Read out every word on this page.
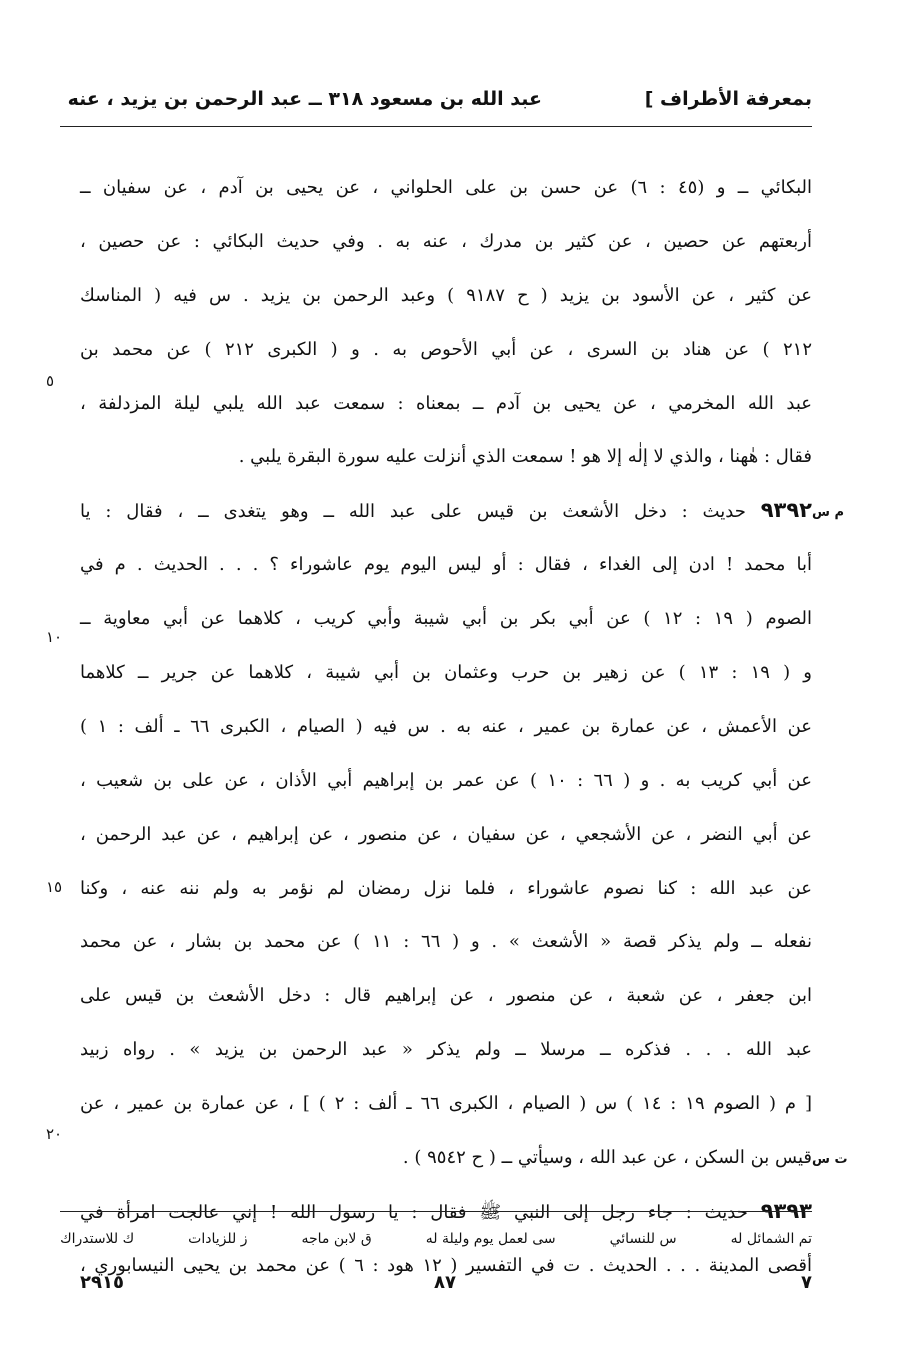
بمعرفة الأطراف ]
عبد الله بن مسعود ٣١٨ ــ عبد الرحمن بن يزيد ، عنه
البكائي ــ و (٤٥ : ٦) عن حسن بن على الحلواني ، عن يحيى بن آدم ، عن سفيان ــ
أربعتهم عن حصين ، عن كثير بن مدرك ، عنه به . وفي حديث البكائي : عن حصين ،
عن كثير ، عن الأسود بن يزيد ( ح ٩١٨٧ ) وعبد الرحمن بن يزيد . س فيه ( المناسك
٢١٢ ) عن هناد بن السرى ، عن أبي الأحوص به . و ( الكبرى ٢١٢ ) عن محمد بن
عبد الله المخرمي ، عن يحيى بن آدم ــ بمعناه : سمعت عبد الله يلبي ليلة المزدلفة ،
فقال : هٰهنا ، والذي لا إلٰه إلا هو ! سمعت الذي أنزلت عليه سورة البقرة يلبي .
٩٣٩٢ حديث : دخل الأشعث بن قيس على عبد الله ــ وهو يتغدى ــ ، فقال : يا
أبا محمد ! ادن إلى الغداء ، فقال : أو ليس اليوم يوم عاشوراء ؟ . . . الحديث . م في
الصوم ( ١٩ : ١٢ ) عن أبي بكر بن أبي شيبة وأبي كريب ، كلاهما عن أبي معاوية ــ
و ( ١٩ : ١٣ ) عن زهير بن حرب وعثمان بن أبي شيبة ، كلاهما عن جرير ــ كلاهما
عن الأعمش ، عن عمارة بن عمير ، عنه به . س فيه ( الصيام ، الكبرى ٦٦ ـ ألف : ١ )
عن أبي كريب به . و ( ٦٦ : ١٠ ) عن عمر بن إبراهيم أبي الأذان ، عن على بن شعيب ،
عن أبي النضر ، عن الأشجعي ، عن سفيان ، عن منصور ، عن إبراهيم ، عن عبد الرحمن ،
عن عبد الله : كنا نصوم عاشوراء ، فلما نزل رمضان لم نؤمر به ولم ننه عنه ، وكنا
نفعله ــ ولم يذكر قصة « الأشعث » . و ( ٦٦ : ١١ ) عن محمد بن بشار ، عن محمد
ابن جعفر ، عن شعبة ، عن منصور ، عن إبراهيم قال : دخل الأشعث بن قيس على
عبد الله . . . فذكره ــ مرسلا ــ ولم يذكر « عبد الرحمن بن يزيد » . رواه زبيد
[ م ( الصوم ١٩ : ١٤ ) س ( الصيام ، الكبرى ٦٦ ـ ألف : ٢ ) ] ، عن عمارة بن عمير ، عن
قيس بن السكن ، عن عبد الله ، وسيأتي ــ ( ح ٩٥٤٢ ) .
٩٣٩٣ حديث : جاء رجل إلى النبي ﷺ فقال : يا رسول الله ! إني عالجت امرأة في
أقصى المدينة . . . الحديث . ت في التفسير ( ١٢ هود : ٦ ) عن محمد بن يحيى النيسابوري ،
٥
١٠
١٥
٢٠
م س
ت س
تم الشمائل له
س للنسائي
سى لعمل يوم وليلة له
ق لابن ماجه
ز للزيادات
ك للاستدراك
٧
٨٧
٢٩١٥
